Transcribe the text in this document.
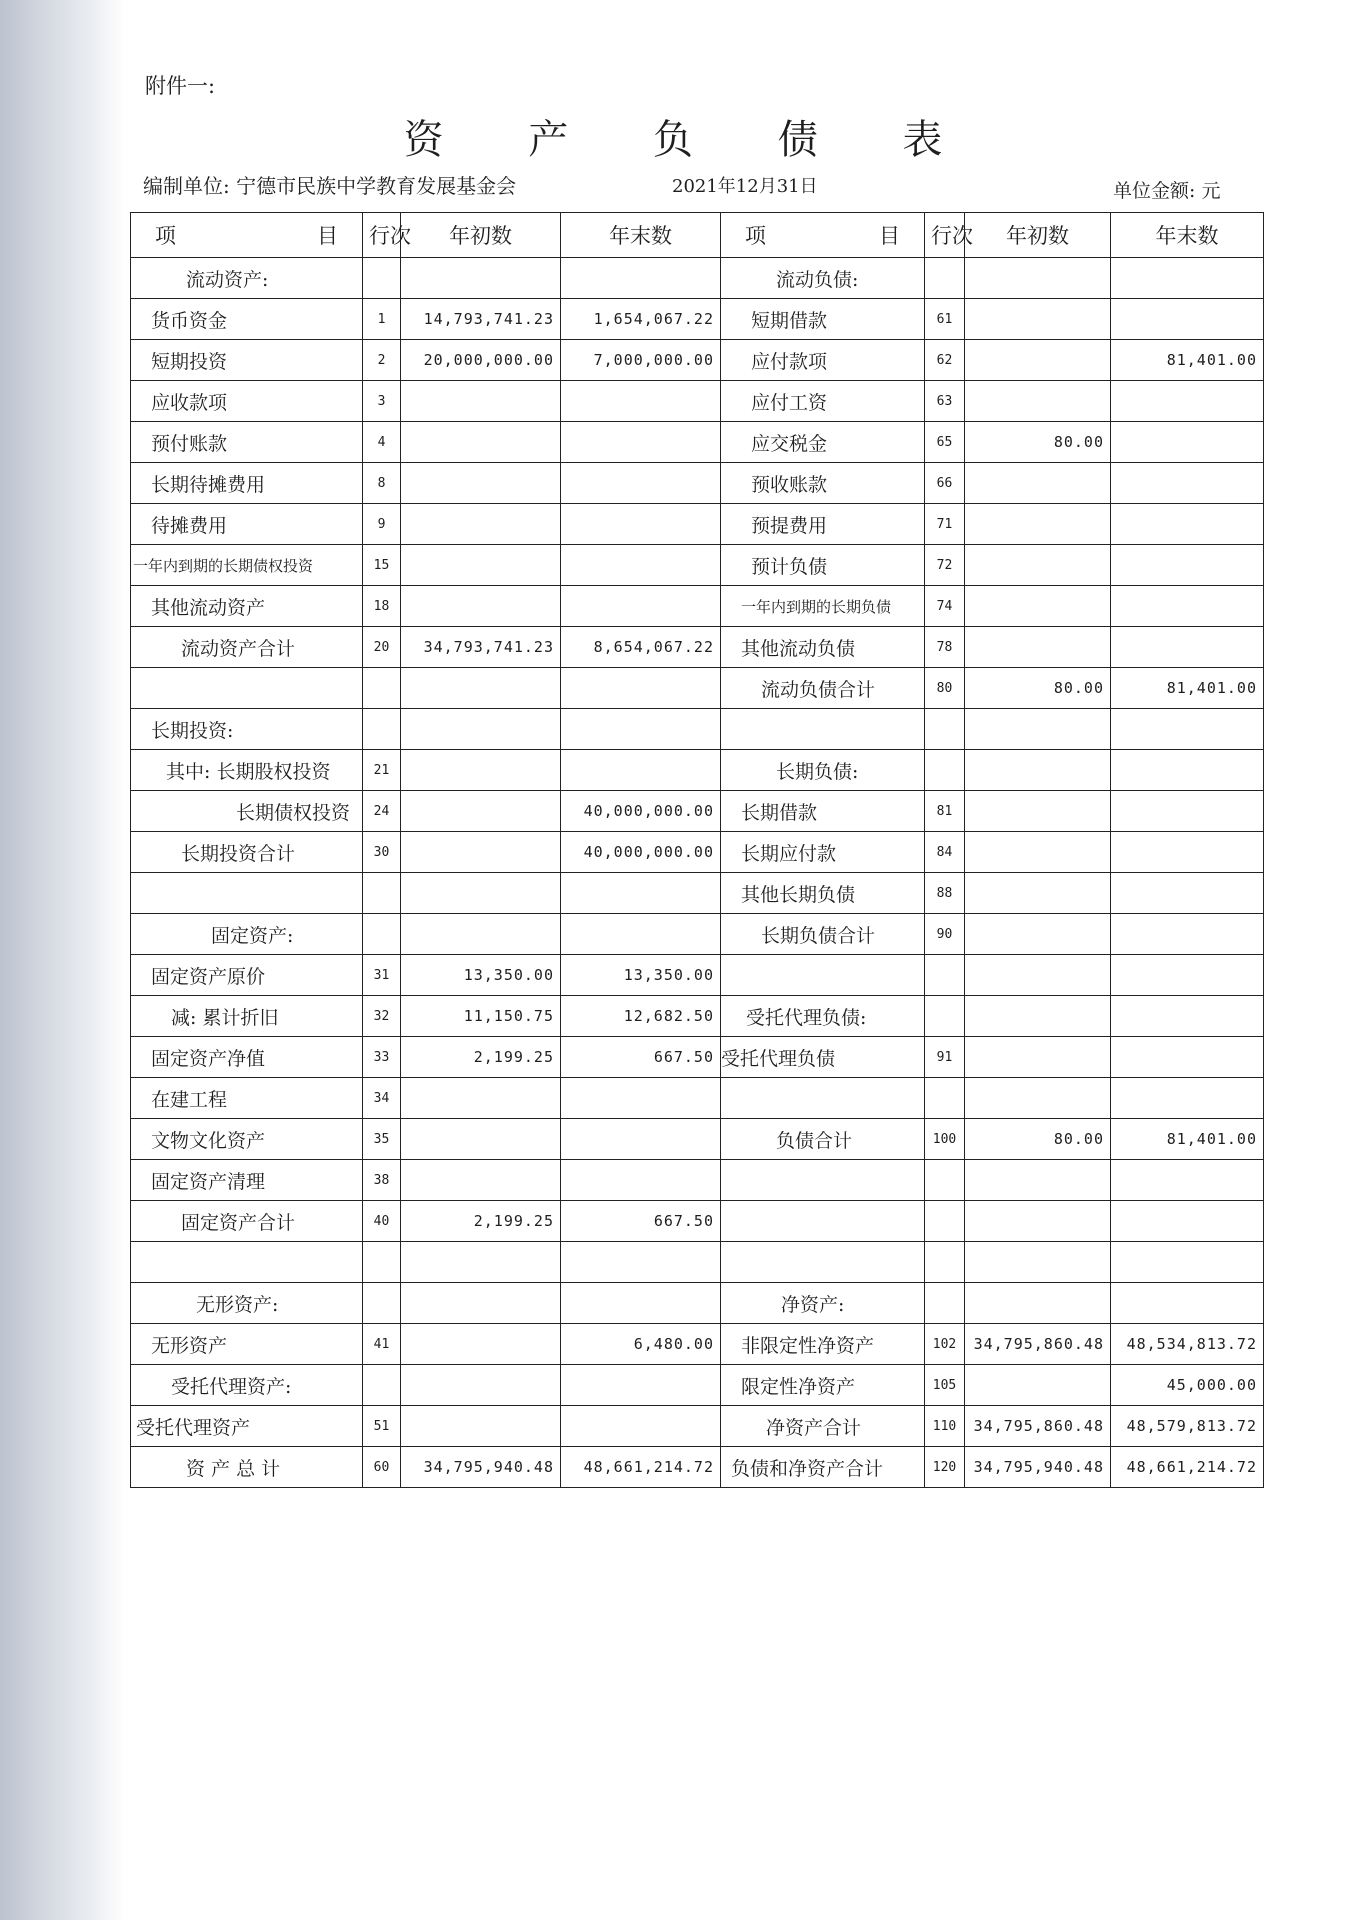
附件一:
资 产 负 债 表
编制单位: 宁德市民族中学教育发展基金会	2021年12月31日	单位金额: 元
项 目	行次	年初数	年末数	项 目	行次	年初数	年末数
流动资产:				流动负债:			
货币资金	1	14,793,741.23	1,654,067.22	短期借款	61		
短期投资	2	20,000,000.00	7,000,000.00	应付款项	62		81,401.00
应收款项	3			应付工资	63		
预付账款	4			应交税金	65	80.00	
长期待摊费用	8			预收账款	66		
待摊费用	9			预提费用	71		
一年内到期的长期债权投资	15			预计负债	72		
其他流动资产	18			一年内到期的长期负债	74		
流动资产合计	20	34,793,741.23	8,654,067.22	其他流动负债	78		
				流动负债合计	80	80.00	81,401.00
长期投资:							
其中: 长期股权投资	21			长期负债:			
长期债权投资	24		40,000,000.00	长期借款	81		
长期投资合计	30		40,000,000.00	长期应付款	84		
				其他长期负债	88		
固定资产:				长期负债合计	90		
固定资产原价	31	13,350.00	13,350.00				
减: 累计折旧	32	11,150.75	12,682.50	受托代理负债:			
固定资产净值	33	2,199.25	667.50	受托代理负债	91		
在建工程	34						
文物文化资产	35			负债合计	100	80.00	81,401.00
固定资产清理	38						
固定资产合计	40	2,199.25	667.50				

无形资产:				净资产:			
无形资产	41		6,480.00	非限定性净资产	102	34,795,860.48	48,534,813.72
受托代理资产:				限定性净资产	105		45,000.00
受托代理资产	51			净资产合计	110	34,795,860.48	48,579,813.72
资 产 总 计	60	34,795,940.48	48,661,214.72	负债和净资产合计	120	34,795,940.48	48,661,214.72
